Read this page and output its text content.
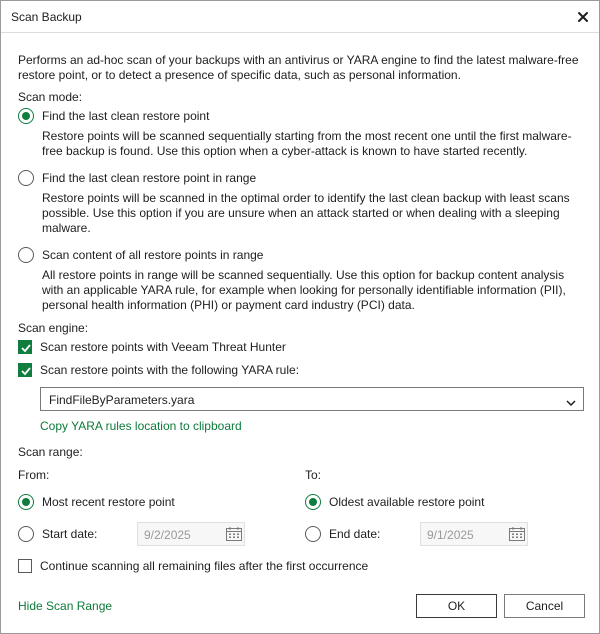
Scan Backup
Performs an ad-hoc scan of your backups with an antivirus or YARA engine to find the latest malware-free restore point, or to detect a presence of specific data, such as personal information.
Scan mode:
Find the last clean restore point
Restore points will be scanned sequentially starting from the most recent one until the first malware-free backup is found. Use this option when a cyber-attack is known to have started recently.
Find the last clean restore point in range
Restore points will be scanned in the optimal order to identify the last clean backup with least scans possible. Use this option if you are unsure when an attack started or when dealing with a sleeping malware.
Scan content of all restore points in range
All restore points in range will be scanned sequentially. Use this option for backup content analysis with an applicable YARA rule, for example when looking for personally identifiable information (PII), personal health information (PHI) or payment card industry (PCI) data.
Scan engine:
Scan restore points with Veeam Threat Hunter
Scan restore points with the following YARA rule:
FindFileByParameters.yara
Copy YARA rules location to clipboard
Scan range:
From:	To:
Most recent restore point	Oldest available restore point
Start date:	9/2/2025	End date:	9/1/2025
Continue scanning all remaining files after the first occurrence
Hide Scan Range	OK	Cancel
